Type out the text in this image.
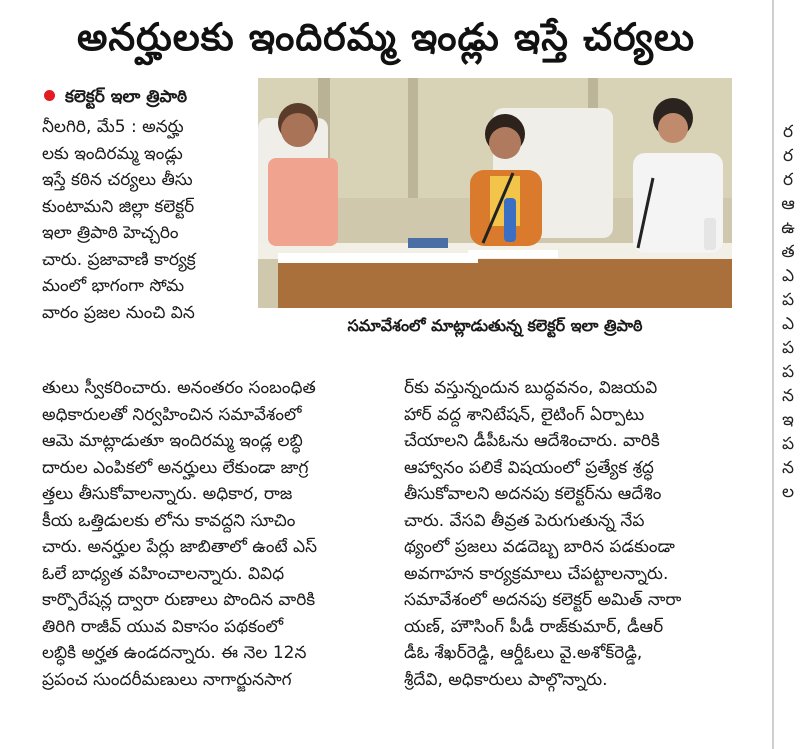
అనర్హులకు ఇందిరమ్మ ఇండ్లు ఇస్తే చర్యలు
ర
ర
ర
ఆ
ఉ
త
ఎ
ప
ఎ
ప
ప
న
ఇ
ప
న
ల
కలెక్టర్ ఇలా త్రిపాఠి
సమావేశంలో మాట్లాడుతున్న కలెక్టర్ ఇలా త్రిపాఠి
నీలగిరి, మే5 : అనర్హు
లకు ఇందిరమ్మ ఇండ్లు
ఇస్తే కఠిన చర్యలు తీసు
కుంటామని జిల్లా కలెక్టర్
ఇలా త్రిపాఠి హెచ్చరిం
చారు. ప్రజావాణి కార్యక్ర
మంలో భాగంగా సోమ
వారం ప్రజల నుంచి విన
తులు స్వీకరించారు. అనంతరం సంబంధిత
అధికారులతో నిర్వహించిన సమావేశంలో
ఆమె మాట్లాడుతూ ఇందిరమ్మ ఇండ్ల లబ్ధి
దారుల ఎంపికలో అనర్హులు లేకుండా జాగ్ర
త్తలు తీసుకోవాలన్నారు. అధికార, రాజ
కీయ ఒత్తిడులకు లోను కావద్దని సూచిం
చారు. అనర్హుల పేర్లు జాబితాలో ఉంటే ఎస్
ఓలే బాధ్యత వహించాలన్నారు. వివిధ
కార్పొరేషన్ల ద్వారా రుణాలు పొందిన వారికి
తిరిగి రాజీవ్ యువ వికాసం పథకంలో
లబ్ధికి అర్హత ఉండదన్నారు. ఈ నెల 12న
ప్రపంచ సుందరీమణులు నాగార్జునసాగ
ర్‌కు వస్తున్నందున బుద్ధవనం, విజయవి
హార్ వద్ద శానిటేషన్, లైటింగ్ ఏర్పాటు
చేయాలని డీపీఓను ఆదేశించారు. వారికి
ఆహ్వానం పలికే విషయంలో ప్రత్యేక శ్రద్ధ
తీసుకోవాలని అదనపు కలెక్టర్‌ను ఆదేశిం
చారు. వేసవి తీవ్రత పెరుగుతున్న నేప
థ్యంలో ప్రజలు వడదెబ్బ బారిన పడకుండా
అవగాహన కార్యక్రమాలు చేపట్టాలన్నారు.
సమావేశంలో అదనపు కలెక్టర్ అమిత్ నారా
యణ్, హౌసింగ్ పీడీ రాజ్‌కుమార్, డీఆర్
డీఓ శేఖర్‌రెడ్డి, ఆర్డీఓలు వై.అశోక్‌రెడ్డి,
శ్రీదేవి, అధికారులు పాల్గొన్నారు.
